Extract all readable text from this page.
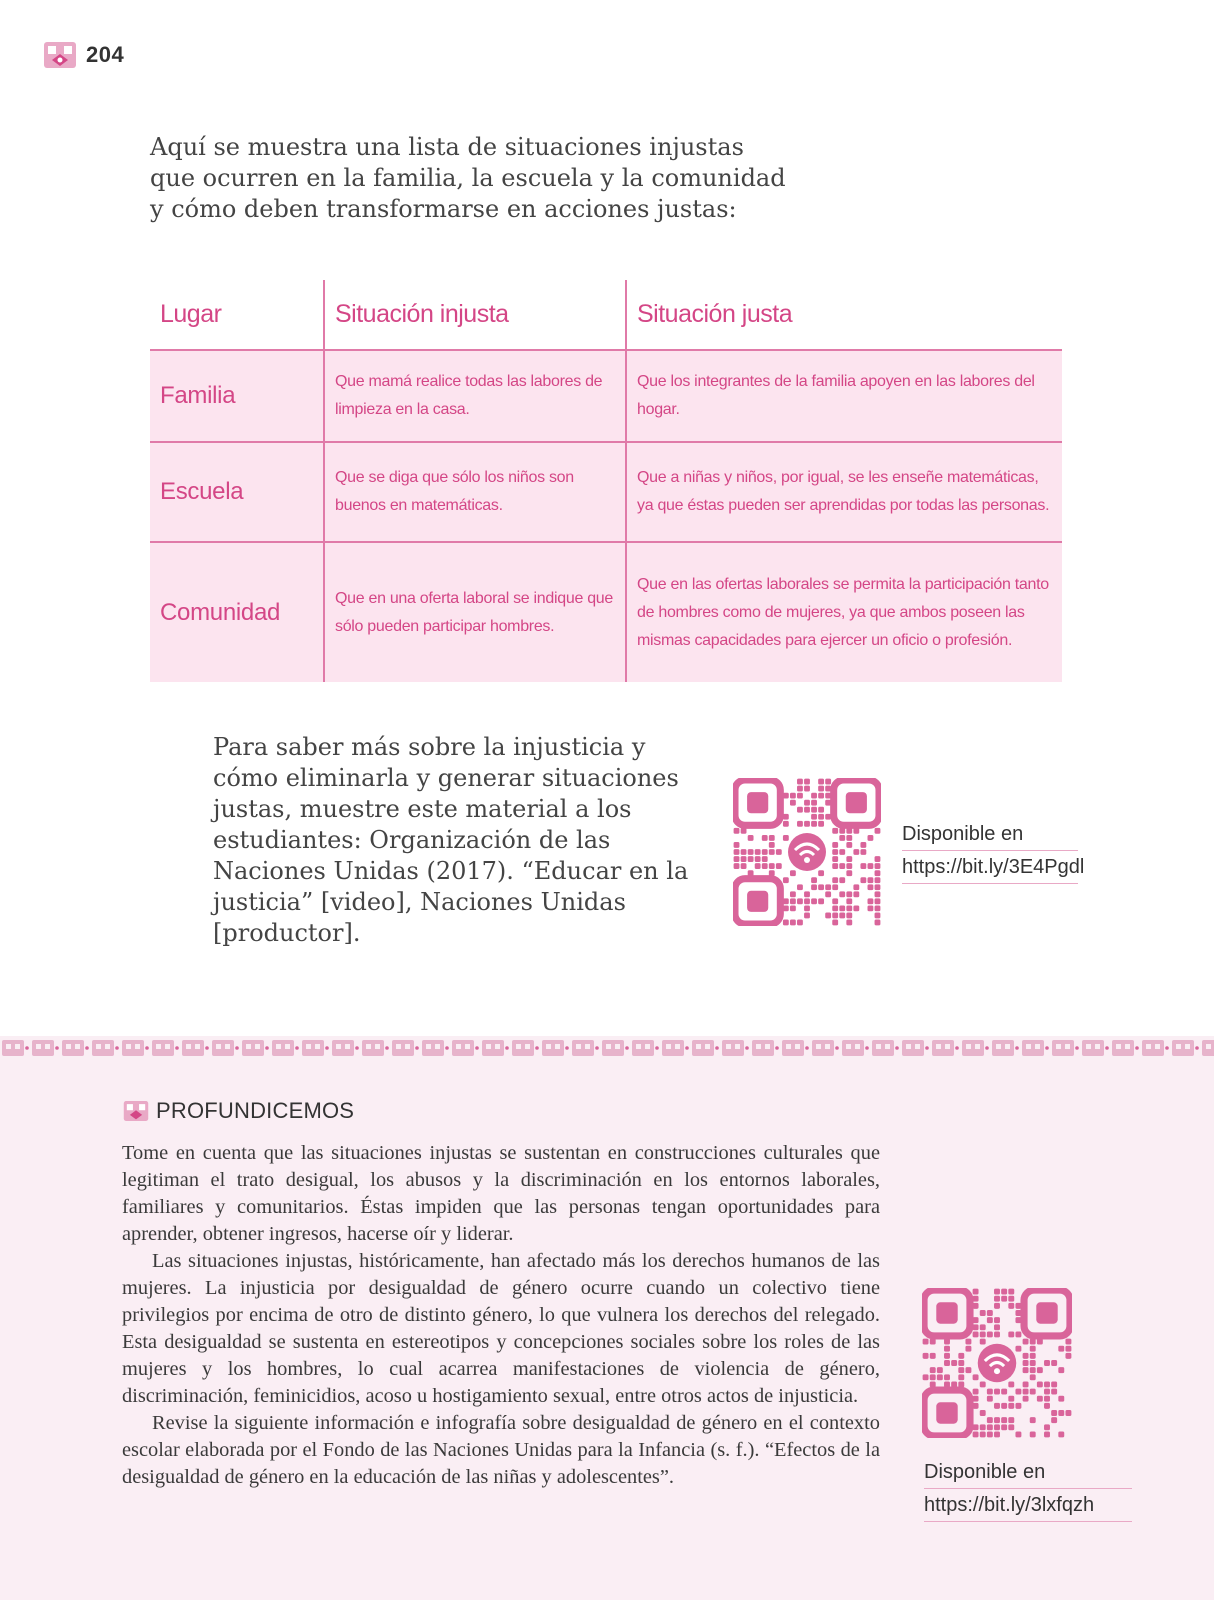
204

Aquí se muestra una lista de situaciones injustas que ocurren en la familia, la escuela y la comunidad y cómo deben transformarse en acciones justas:

Lugar	Situación injusta	Situación justa
Familia	Que mamá realice todas las labores de limpieza en la casa.	Que los integrantes de la familia apoyen en las labores del hogar.
Escuela	Que se diga que sólo los niños son buenos en matemáticas.	Que a niñas y niños, por igual, se les enseñe matemáticas, ya que éstas pueden ser aprendidas por todas las personas.
Comunidad	Que en una oferta laboral se indique que sólo pueden participar hombres.	Que en las ofertas laborales se permita la participación tanto de hombres como de mujeres, ya que ambos poseen las mismas capacidades para ejercer un oficio o profesión.

Para saber más sobre la injusticia y cómo eliminarla y generar situaciones justas, muestre este material a los estudiantes: Organización de las Naciones Unidas (2017). “Educar en la justicia” [video], Naciones Unidas [productor].

Disponible en
https://bit.ly/3E4Pgdl
PROFUNDICEMOS

Tome en cuenta que las situaciones injustas se sustentan en construcciones culturales que legitiman el trato desigual, los abusos y la discriminación en los entornos laborales, familiares y comunitarios. Éstas impiden que las personas tengan oportunidades para aprender, obtener ingresos, hacerse oír y liderar.

Las situaciones injustas, históricamente, han afectado más los derechos humanos de las mujeres. La injusticia por desigualdad de género ocurre cuando un colectivo tiene privilegios por encima de otro de distinto género, lo que vulnera los derechos del relegado. Esta desigualdad se sustenta en estereotipos y concepciones sociales sobre los roles de las mujeres y los hombres, lo cual acarrea manifestaciones de violencia de género, discriminación, feminicidios, acoso u hostigamiento sexual, entre otros actos de injusticia.

Revise la siguiente información e infografía sobre desigualdad de género en el contexto escolar elaborada por el Fondo de las Naciones Unidas para la Infancia (s. f.). “Efectos de la desigualdad de género en la educación de las niñas y adolescentes”.	Disponible en
https://bit.ly/3lxfqzh
